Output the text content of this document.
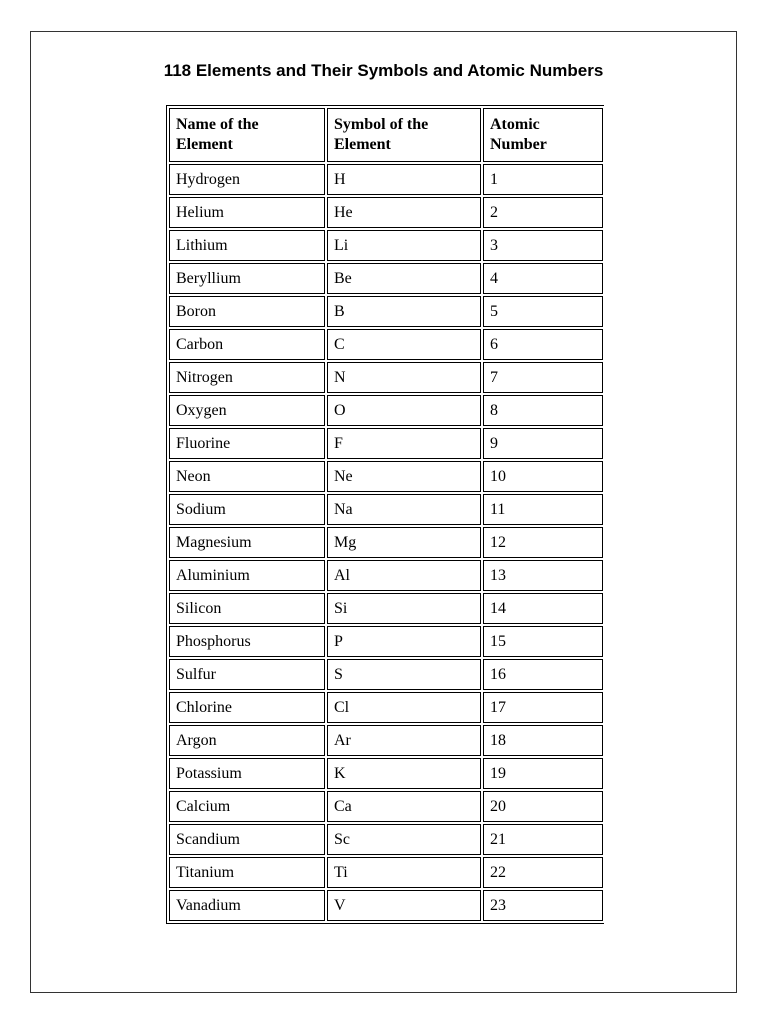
118 Elements and Their Symbols and Atomic Numbers
Name of the Element	Symbol of the Element	Atomic Number
Hydrogen	H	1
Helium	He	2
Lithium	Li	3
Beryllium	Be	4
Boron	B	5
Carbon	C	6
Nitrogen	N	7
Oxygen	O	8
Fluorine	F	9
Neon	Ne	10
Sodium	Na	11
Magnesium	Mg	12
Aluminium	Al	13
Silicon	Si	14
Phosphorus	P	15
Sulfur	S	16
Chlorine	Cl	17
Argon	Ar	18
Potassium	K	19
Calcium	Ca	20
Scandium	Sc	21
Titanium	Ti	22
Vanadium	V	23
